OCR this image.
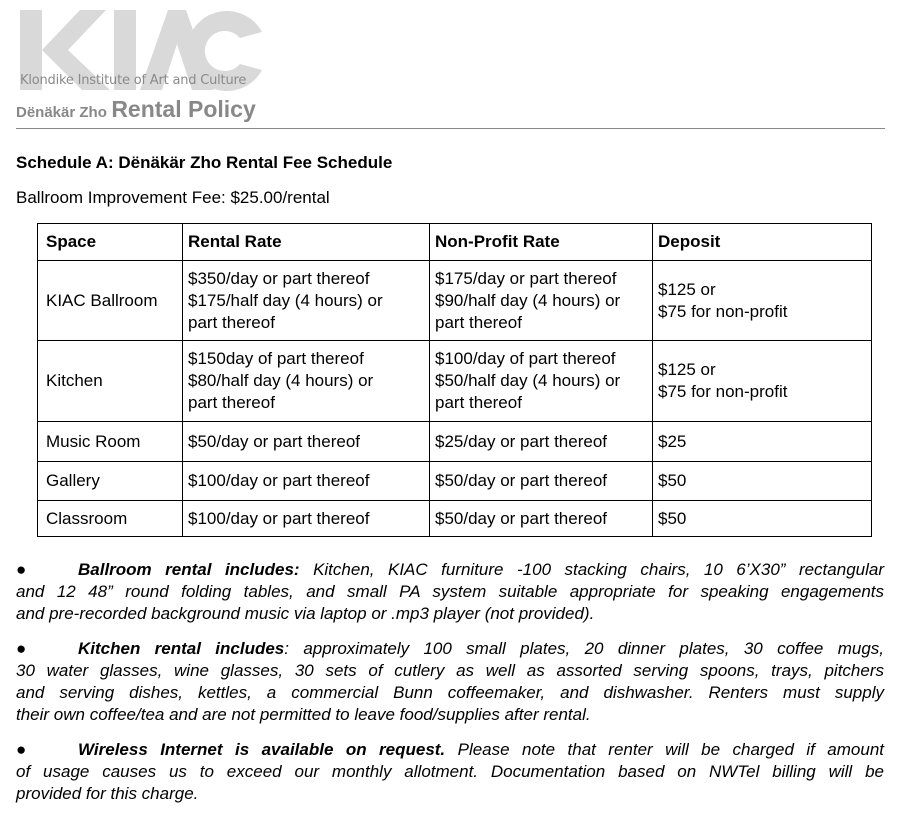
Klondike Institute of Art and Culture
Dënäkär Zho Rental Policy
Schedule A: Dënäkär Zho Rental Fee Schedule
Ballroom Improvement Fee: $25.00/rental
Space	Rental Rate	Non-Profit Rate	Deposit
KIAC Ballroom	$350/day or part thereof
$175/half day (4 hours) or
part thereof	$175/day or part thereof
$90/half day (4 hours) or
part thereof	$125 or
$75 for non-profit
Kitchen	$150day of part thereof
$80/half day (4 hours) or
part thereof	$100/day of part thereof
$50/half day (4 hours) or
part thereof	$125 or
$75 for non-profit
Music Room	$50/day or part thereof	$25/day or part thereof	$25
Gallery	$100/day or part thereof	$50/day or part thereof	$50
Classroom	$100/day or part thereof	$50/day or part thereof	$50
●	Ballroom rental includes: Kitchen, KIAC furniture -100 stacking chairs, 10 6’X30” rectangular
and 12 48” round folding tables, and small PA system suitable appropriate for speaking engagements
and pre-recorded background music via laptop or .mp3 player (not provided).
●	Kitchen rental includes: approximately 100 small plates, 20 dinner plates, 30 coffee mugs,
30 water glasses, wine glasses, 30 sets of cutlery as well as assorted serving spoons, trays, pitchers
and serving dishes, kettles, a commercial Bunn coffeemaker, and dishwasher. Renters must supply
their own coffee/tea and are not permitted to leave food/supplies after rental.
●	Wireless Internet is available on request. Please note that renter will be charged if amount
of usage causes us to exceed our monthly allotment. Documentation based on NWTel billing will be
provided for this charge.
